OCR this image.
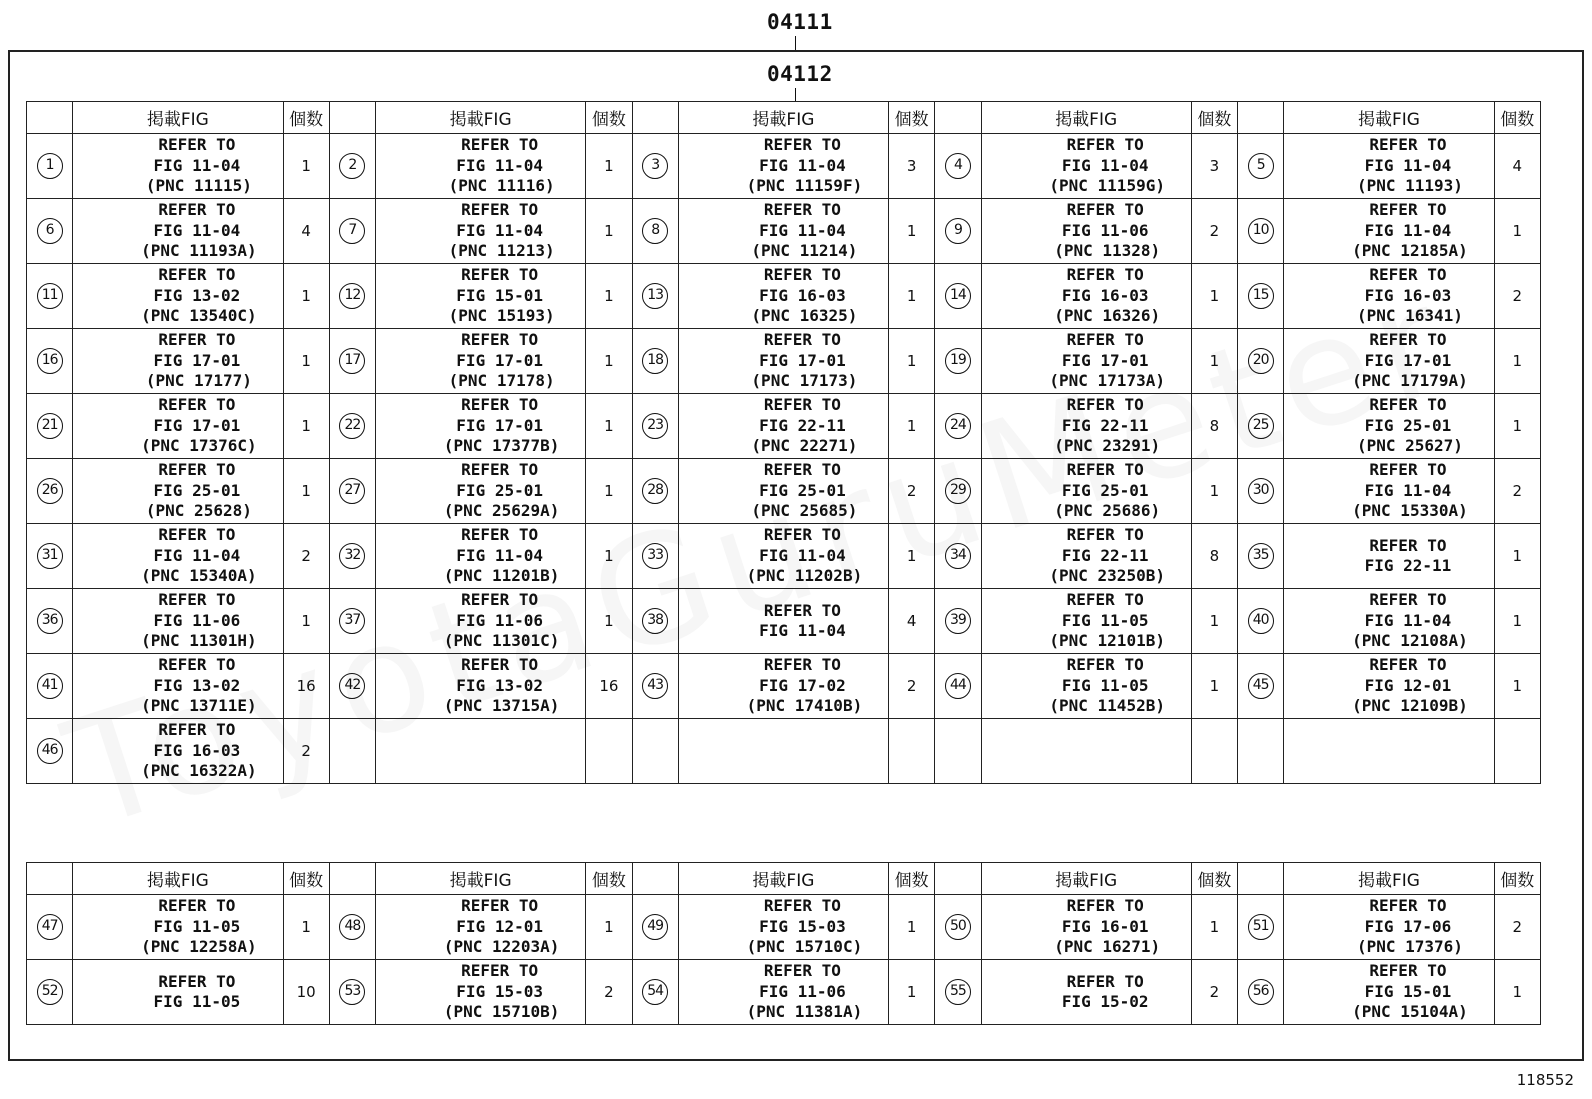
04111
04112
	掲載FIG	個数		掲載FIG	個数		掲載FIG	個数		掲載FIG	個数		掲載FIG	個数
1	REFER TO
FIG 11-04
(PNC 11115)	1	2	REFER TO
FIG 11-04
(PNC 11116)	1	3	REFER TO
FIG 11-04
(PNC 11159F)	3	4	REFER TO
FIG 11-04
(PNC 11159G)	3	5	REFER TO
FIG 11-04
(PNC 11193)	4
6	REFER TO
FIG 11-04
(PNC 11193A)	4	7	REFER TO
FIG 11-04
(PNC 11213)	1	8	REFER TO
FIG 11-04
(PNC 11214)	1	9	REFER TO
FIG 11-06
(PNC 11328)	2	10	REFER TO
FIG 11-04
(PNC 12185A)	1
11	REFER TO
FIG 13-02
(PNC 13540C)	1	12	REFER TO
FIG 15-01
(PNC 15193)	1	13	REFER TO
FIG 16-03
(PNC 16325)	1	14	REFER TO
FIG 16-03
(PNC 16326)	1	15	REFER TO
FIG 16-03
(PNC 16341)	2
16	REFER TO
FIG 17-01
(PNC 17177)	1	17	REFER TO
FIG 17-01
(PNC 17178)	1	18	REFER TO
FIG 17-01
(PNC 17173)	1	19	REFER TO
FIG 17-01
(PNC 17173A)	1	20	REFER TO
FIG 17-01
(PNC 17179A)	1
21	REFER TO
FIG 17-01
(PNC 17376C)	1	22	REFER TO
FIG 17-01
(PNC 17377B)	1	23	REFER TO
FIG 22-11
(PNC 22271)	1	24	REFER TO
FIG 22-11
(PNC 23291)	8	25	REFER TO
FIG 25-01
(PNC 25627)	1
26	REFER TO
FIG 25-01
(PNC 25628)	1	27	REFER TO
FIG 25-01
(PNC 25629A)	1	28	REFER TO
FIG 25-01
(PNC 25685)	2	29	REFER TO
FIG 25-01
(PNC 25686)	1	30	REFER TO
FIG 11-04
(PNC 15330A)	2
31	REFER TO
FIG 11-04
(PNC 15340A)	2	32	REFER TO
FIG 11-04
(PNC 11201B)	1	33	REFER TO
FIG 11-04
(PNC 11202B)	1	34	REFER TO
FIG 22-11
(PNC 23250B)	8	35	REFER TO
FIG 22-11	1
36	REFER TO
FIG 11-06
(PNC 11301H)	1	37	REFER TO
FIG 11-06
(PNC 11301C)	1	38	REFER TO
FIG 11-04	4	39	REFER TO
FIG 11-05
(PNC 12101B)	1	40	REFER TO
FIG 11-04
(PNC 12108A)	1
41	REFER TO
FIG 13-02
(PNC 13711E)	16	42	REFER TO
FIG 13-02
(PNC 13715A)	16	43	REFER TO
FIG 17-02
(PNC 17410B)	2	44	REFER TO
FIG 11-05
(PNC 11452B)	1	45	REFER TO
FIG 12-01
(PNC 12109B)	1
46	REFER TO
FIG 16-03
(PNC 16322A)	2												
	掲載FIG	個数		掲載FIG	個数		掲載FIG	個数		掲載FIG	個数		掲載FIG	個数
47	REFER TO
FIG 11-05
(PNC 12258A)	1	48	REFER TO
FIG 12-01
(PNC 12203A)	1	49	REFER TO
FIG 15-03
(PNC 15710C)	1	50	REFER TO
FIG 16-01
(PNC 16271)	1	51	REFER TO
FIG 17-06
(PNC 17376)	2
52	REFER TO
FIG 11-05	10	53	REFER TO
FIG 15-03
(PNC 15710B)	2	54	REFER TO
FIG 11-06
(PNC 11381A)	1	55	REFER TO
FIG 15-02	2	56	REFER TO
FIG 15-01
(PNC 15104A)	1
118552
